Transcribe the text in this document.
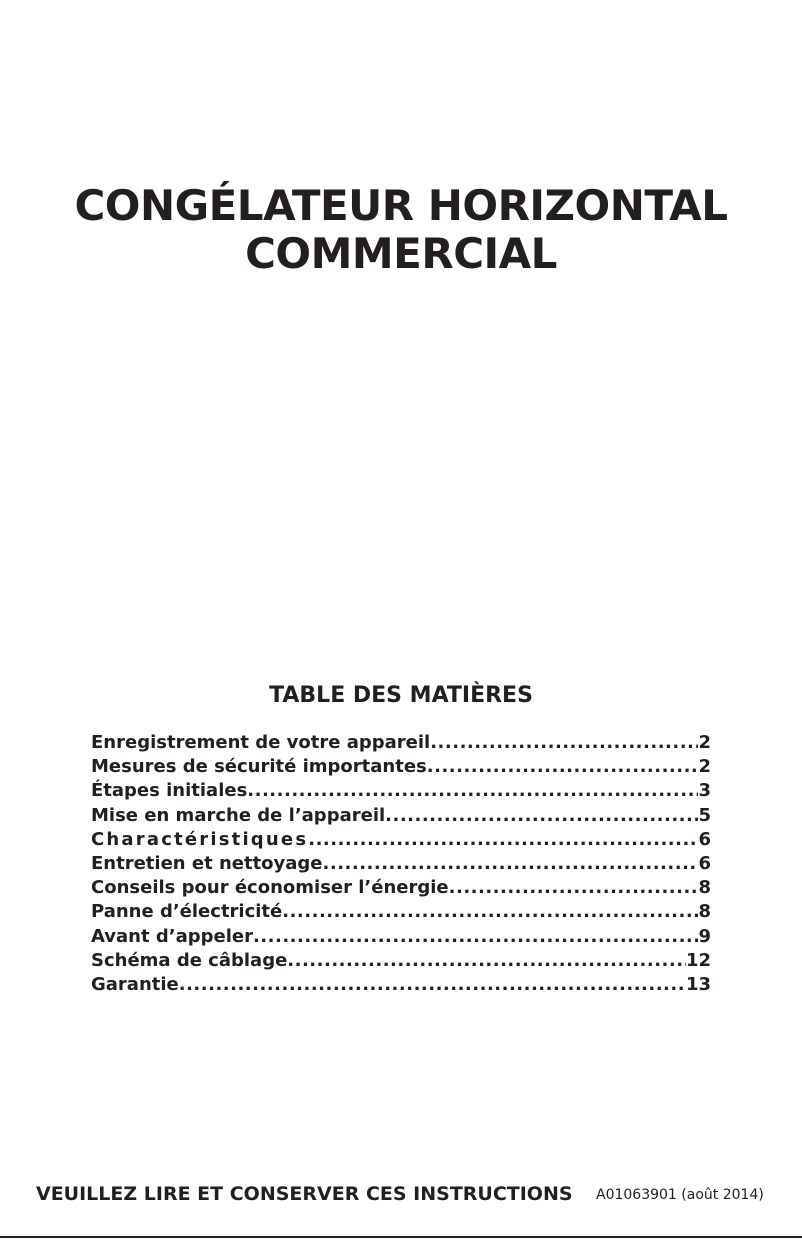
CONGÉLATEUR HORIZONTAL
COMMERCIAL
TABLE DES MATIÈRES
Enregistrement de votre appareil .....	2
Mesures de sécurité importantes .....	2
Étapes initiales .....	3
Mise en marche de l’appareil .....	5
Charactéristiques .....	6
Entretien et nettoyage .....	6
Conseils pour économiser l’énergie .....	8
Panne d’électricité .....	8
Avant d’appeler .....	9
Schéma de câblage .....	12
Garantie .....	13
VEUILLEZ LIRE ET CONSERVER CES INSTRUCTIONS A01063901 (août 2014)
